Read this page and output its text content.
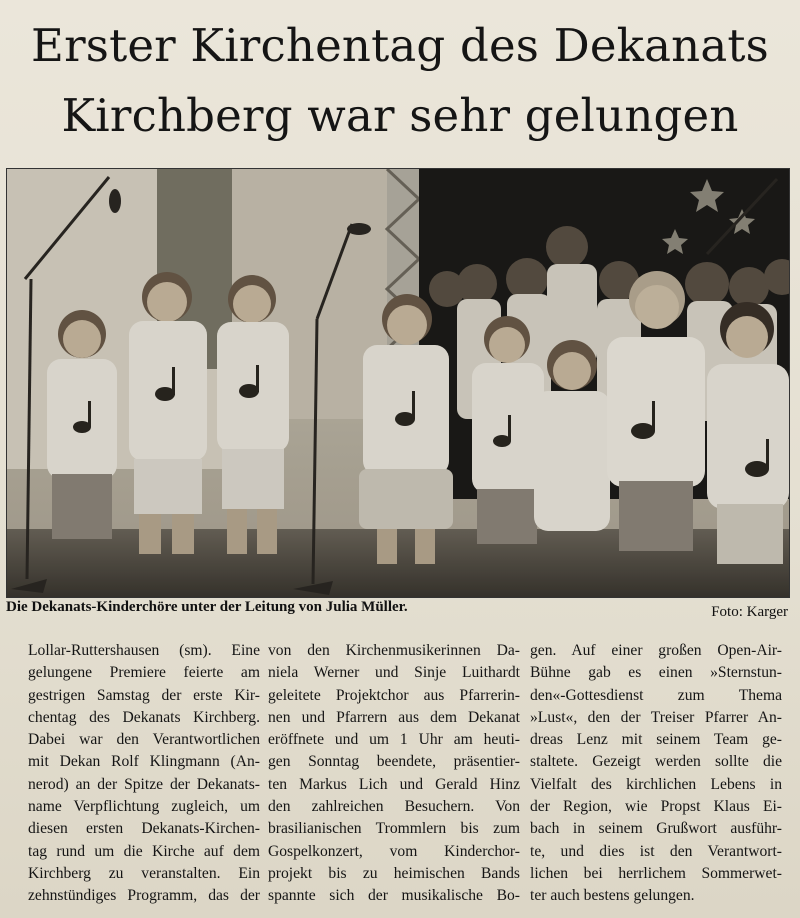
Erster Kirchentag des Dekanats
Kirchberg war sehr gelungen
Die Dekanats-Kinderchöre unter der Leitung von Julia Müller.	Foto: Karger
Lollar-Ruttershausen (sm). Eine
gelungene Premiere feierte am
gestrigen Samstag der erste Kir-
chentag des Dekanats Kirchberg.
Dabei war den Verantwortlichen
mit Dekan Rolf Klingmann (An-
nerod) an der Spitze der Dekanats-
name Verpflichtung zugleich, um
diesen ersten Dekanats-Kirchen-
tag rund um die Kirche auf dem
Kirchberg zu veranstalten. Ein
zehnstündiges Programm, das der
von den Kirchenmusikerinnen Da-
niela Werner und Sinje Luithardt
geleitete Projektchor aus Pfarrerin-
nen und Pfarrern aus dem Dekanat
eröffnete und um 1 Uhr am heuti-
gen Sonntag beendete, präsentier-
ten Markus Lich und Gerald Hinz
den zahlreichen Besuchern. Von
brasilianischen Trommlern bis zum
Gospelkonzert, vom Kinderchor-
projekt bis zu heimischen Bands
spannte sich der musikalische Bo-
gen. Auf einer großen Open-Air-
Bühne gab es einen »Sternstun-
den«-Gottesdienst zum Thema
»Lust«, den der Treiser Pfarrer An-
dreas Lenz mit seinem Team ge-
staltete. Gezeigt werden sollte die
Vielfalt des kirchlichen Lebens in
der Region, wie Propst Klaus Ei-
bach in seinem Grußwort ausführ-
te, und dies ist den Verantwort-
lichen bei herrlichem Sommerwet-
ter auch bestens gelungen.
